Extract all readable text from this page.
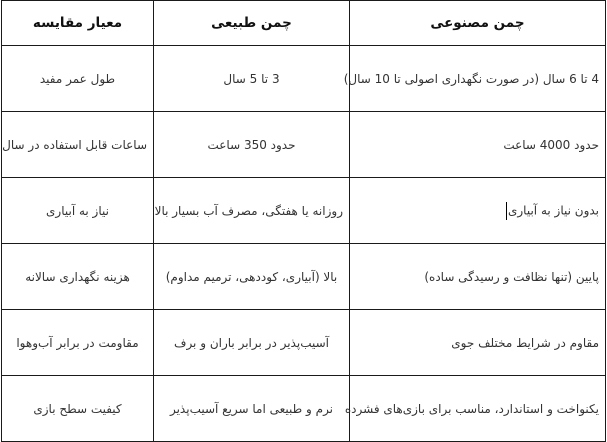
چمن مصنوعی	چمن طبیعی	معیار مقایسه
4 تا 6 سال (در صورت نگهداری اصولی تا 10 سال)	3 تا 5 سال	طول عمر مفید
حدود 4000 ساعت	حدود 350 ساعت	ساعات قابل استفاده در سال
بدون نیاز به آبیاری	روزانه یا هفتگی، مصرف آب بسیار بالا	نیاز به آبیاری
پایین (تنها نظافت و رسیدگی ساده)	بالا (آبیاری، کوددهی، ترمیم مداوم)	هزینه نگهداری سالانه
مقاوم در شرایط مختلف جوی	آسیب‌پذیر در برابر باران و برف	مقاومت در برابر آب‌وهوا
یکنواخت و استاندارد، مناسب برای بازی‌های فشرده	نرم و طبیعی اما سریع آسیب‌پذیر	کیفیت سطح بازی
